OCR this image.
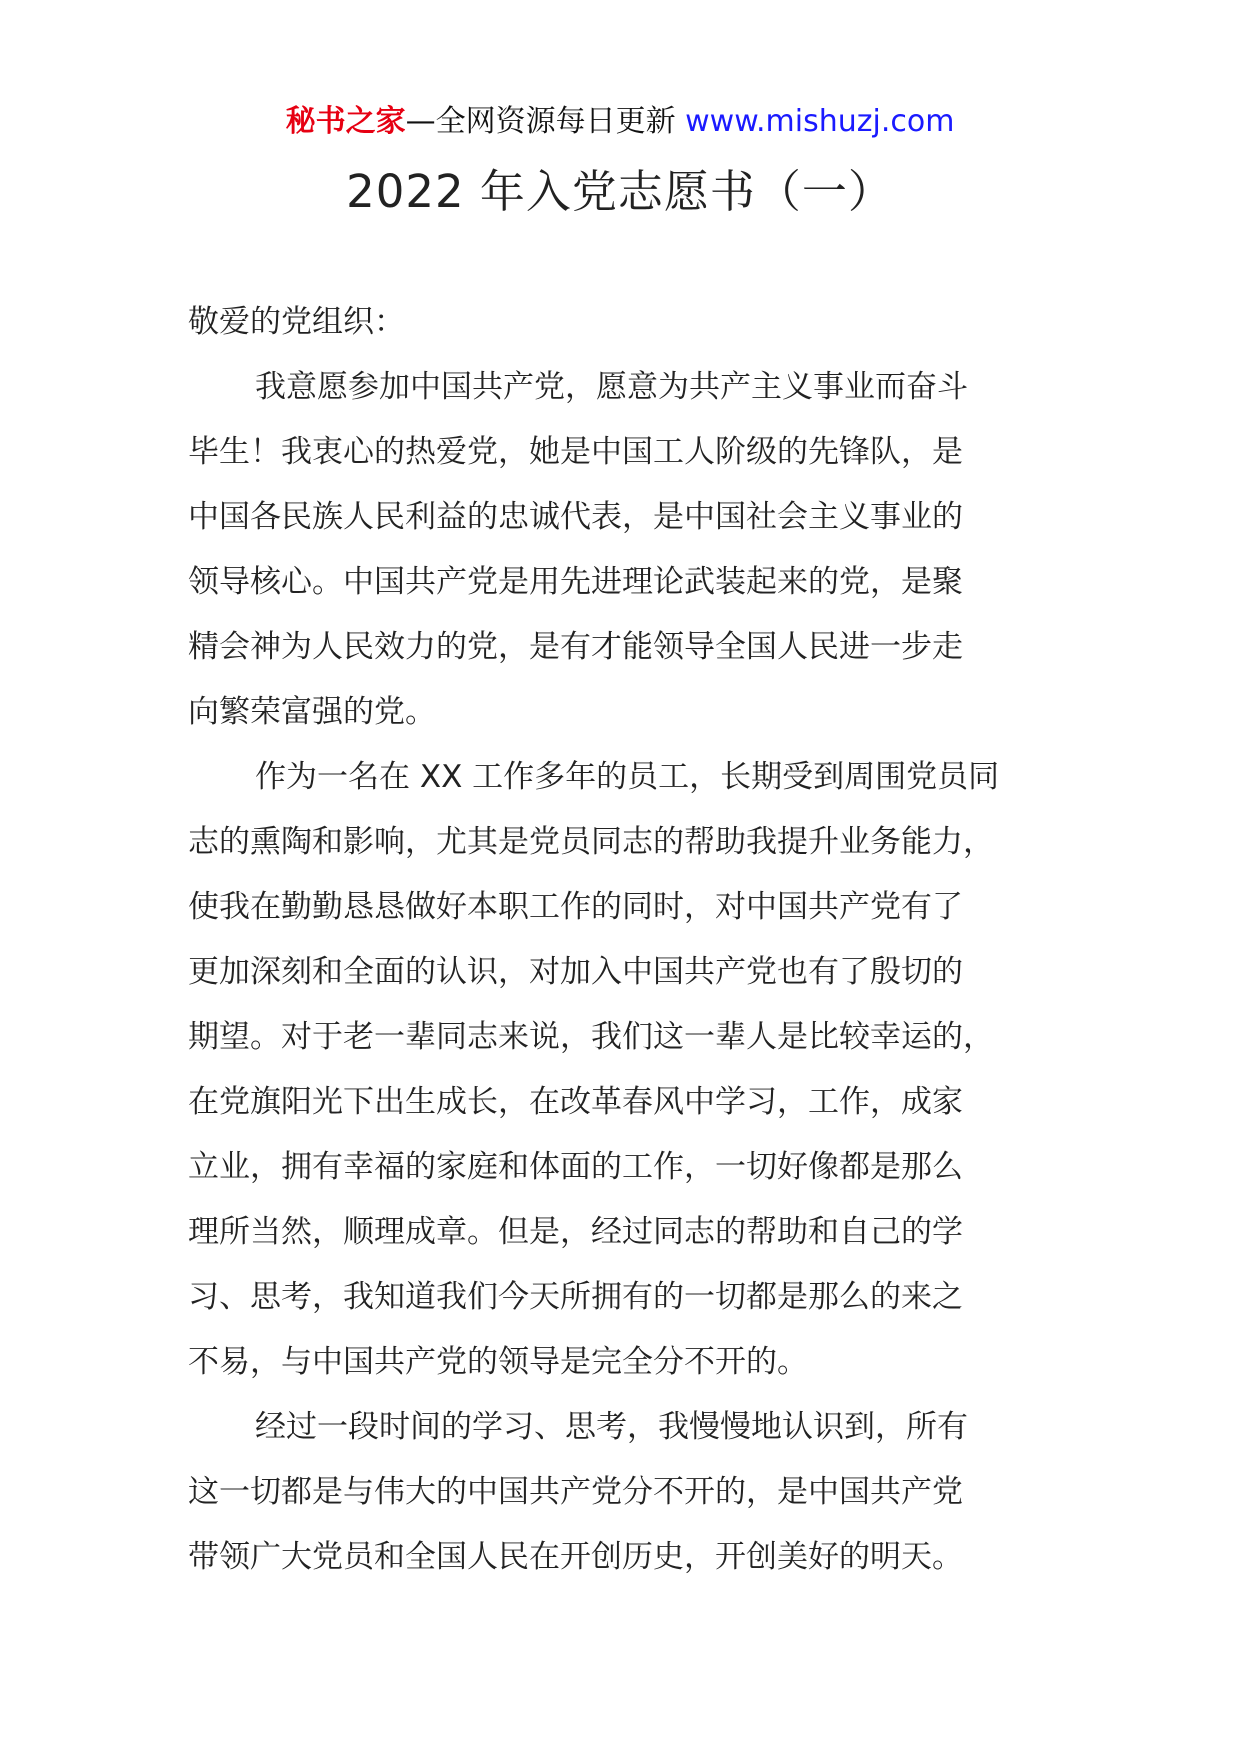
秘书之家—全网资源每日更新 www.mishuzj.com
2022 年入党志愿书（一）
敬爱的党组织：
我意愿参加中国共产党，愿意为共产主义事业而奋斗
毕生！我衷心的热爱党，她是中国工人阶级的先锋队，是
中国各民族人民利益的忠诚代表，是中国社会主义事业的
领导核心。中国共产党是用先进理论武装起来的党，是聚
精会神为人民效力的党，是有才能领导全国人民进一步走
向繁荣富强的党。
作为一名在 XX 工作多年的员工，长期受到周围党员同
志的熏陶和影响，尤其是党员同志的帮助我提升业务能力，
使我在勤勤恳恳做好本职工作的同时，对中国共产党有了
更加深刻和全面的认识，对加入中国共产党也有了殷切的
期望。对于老一辈同志来说，我们这一辈人是比较幸运的，
在党旗阳光下出生成长，在改革春风中学习，工作，成家
立业，拥有幸福的家庭和体面的工作，一切好像都是那么
理所当然，顺理成章。但是，经过同志的帮助和自己的学
习、思考，我知道我们今天所拥有的一切都是那么的来之
不易，与中国共产党的领导是完全分不开的。
经过一段时间的学习、思考，我慢慢地认识到，所有
这一切都是与伟大的中国共产党分不开的，是中国共产党
带领广大党员和全国人民在开创历史，开创美好的明天。
